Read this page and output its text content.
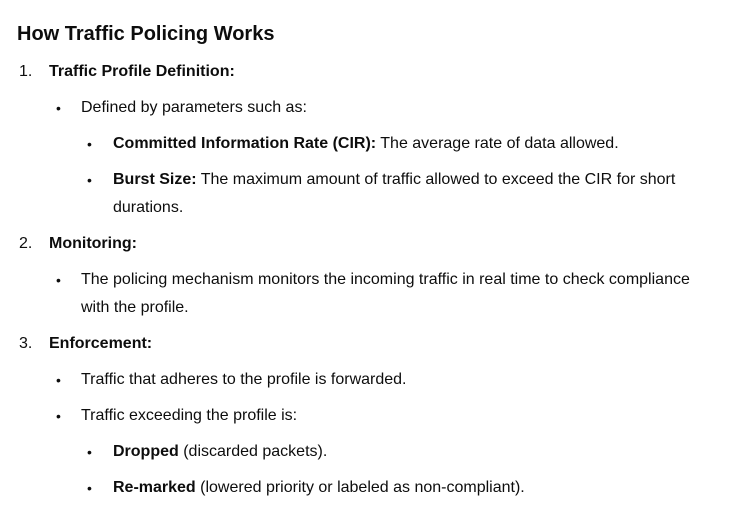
How Traffic Policing Works
1. Traffic Profile Definition:
• Defined by parameters such as:
• Committed Information Rate (CIR): The average rate of data allowed.
• Burst Size: The maximum amount of traffic allowed to exceed the CIR for short
durations.
2. Monitoring:
• The policing mechanism monitors the incoming traffic in real time to check compliance
with the profile.
3. Enforcement:
• Traffic that adheres to the profile is forwarded.
• Traffic exceeding the profile is:
• Dropped (discarded packets).
• Re-marked (lowered priority or labeled as non-compliant).
